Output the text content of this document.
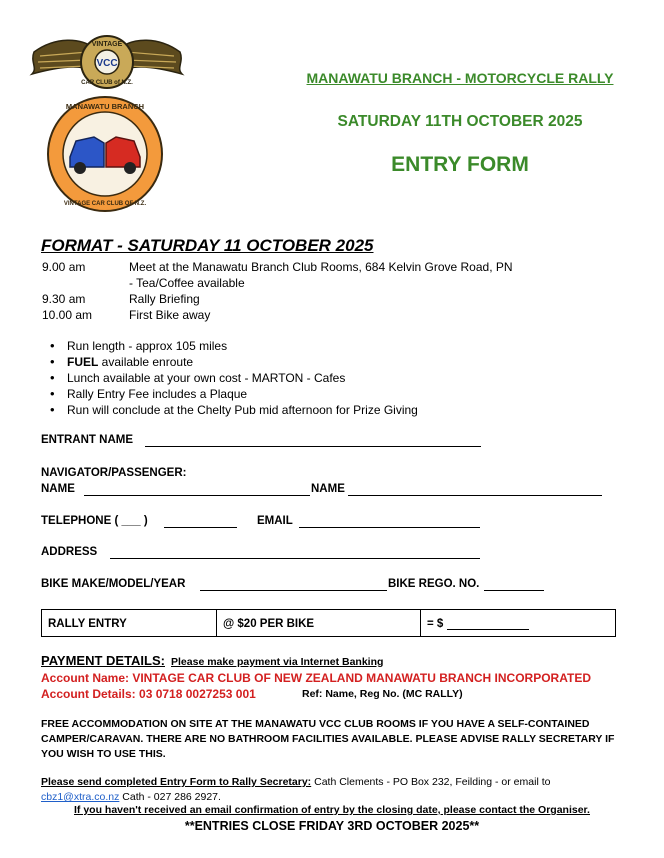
VINTAGE
VCC
CAR CLUB of N.Z.
MANAWATU BRANCH
VINTAGE CAR CLUB OF N.Z.
MANAWATU BRANCH - MOTORCYCLE RALLY
SATURDAY 11TH OCTOBER 2025
ENTRY FORM
FORMAT - SATURDAY 11 OCTOBER 2025
9.00 am	Meet at the Manawatu Branch Club Rooms, 684 Kelvin Grove Road, PN - Tea/Coffee available
9.30 am	Rally Briefing
10.00 am	First Bike away
• Run length - approx 105 miles
• FUEL available enroute
• Lunch available at your own cost - MARTON - Cafes
• Rally Entry Fee includes a Plaque
• Run will conclude at the Chelty Pub mid afternoon for Prize Giving
ENTRANT NAME
NAVIGATOR/PASSENGER:
NAME	NAME
TELEPHONE ( ___ )	EMAIL
ADDRESS
BIKE MAKE/MODEL/YEAR	BIKE REGO. NO.
RALLY ENTRY	@ $20 PER BIKE	= $
PAYMENT DETAILS: Please make payment via Internet Banking
Account Name: VINTAGE CAR CLUB OF NEW ZEALAND MANAWATU BRANCH INCORPORATED
Account Details: 03 0718 0027253 001	Ref: Name, Reg No. (MC RALLY)
FREE ACCOMMODATION ON SITE AT THE MANAWATU VCC CLUB ROOMS IF YOU HAVE A SELF-CONTAINED CAMPER/CARAVAN. THERE ARE NO BATHROOM FACILITIES AVAILABLE. PLEASE ADVISE RALLY SECRETARY IF YOU WISH TO USE THIS.
Please send completed Entry Form to Rally Secretary: Cath Clements - PO Box 232, Feilding - or email to
cbz1@xtra.co.nz Cath - 027 286 2927.
If you haven't received an email confirmation of entry by the closing date, please contact the Organiser.
**ENTRIES CLOSE FRIDAY 3RD OCTOBER 2025**
